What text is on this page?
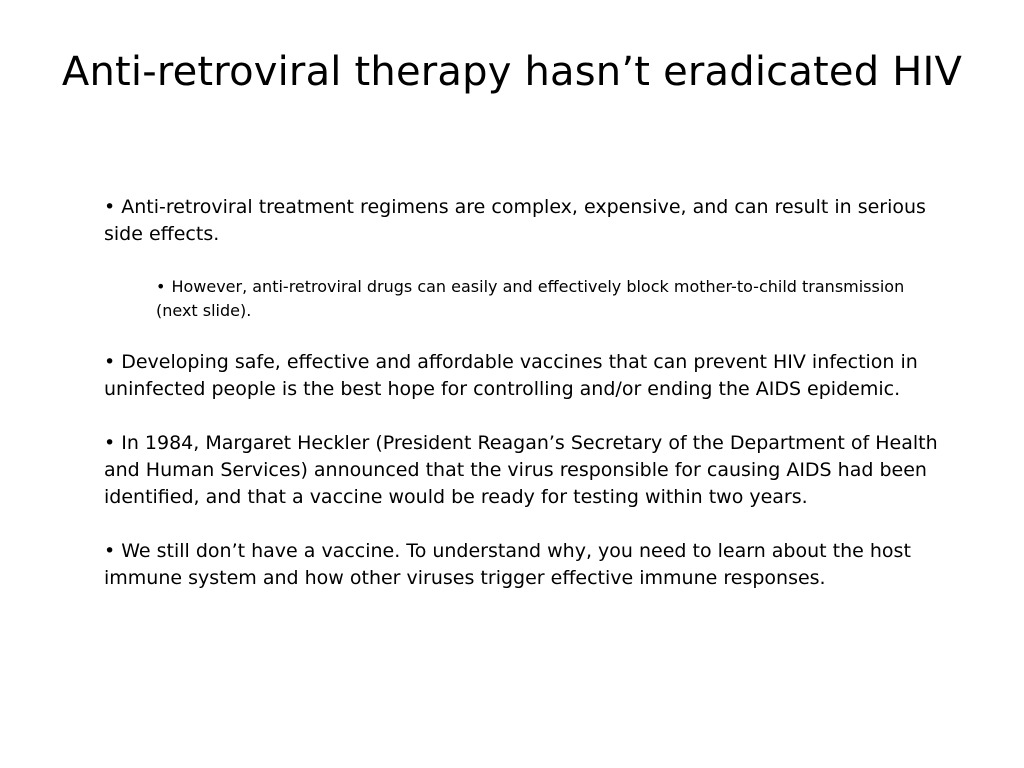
Anti-retroviral therapy hasn’t eradicated HIV

• Anti-retroviral treatment regimens are complex, expensive, and can result in serious side effects.

• However, anti-retroviral drugs can easily and effectively block mother-to-child transmission (next slide).

• Developing safe, effective and affordable vaccines that can prevent HIV infection in uninfected people is the best hope for controlling and/or ending the AIDS epidemic.

• In 1984, Margaret Heckler (President Reagan’s Secretary of the Department of Health and Human Services) announced that the virus responsible for causing AIDS had been identified, and that a vaccine would be ready for testing within two years.

• We still don’t have a vaccine. To understand why, you need to learn about the host immune system and how other viruses trigger effective immune responses.
